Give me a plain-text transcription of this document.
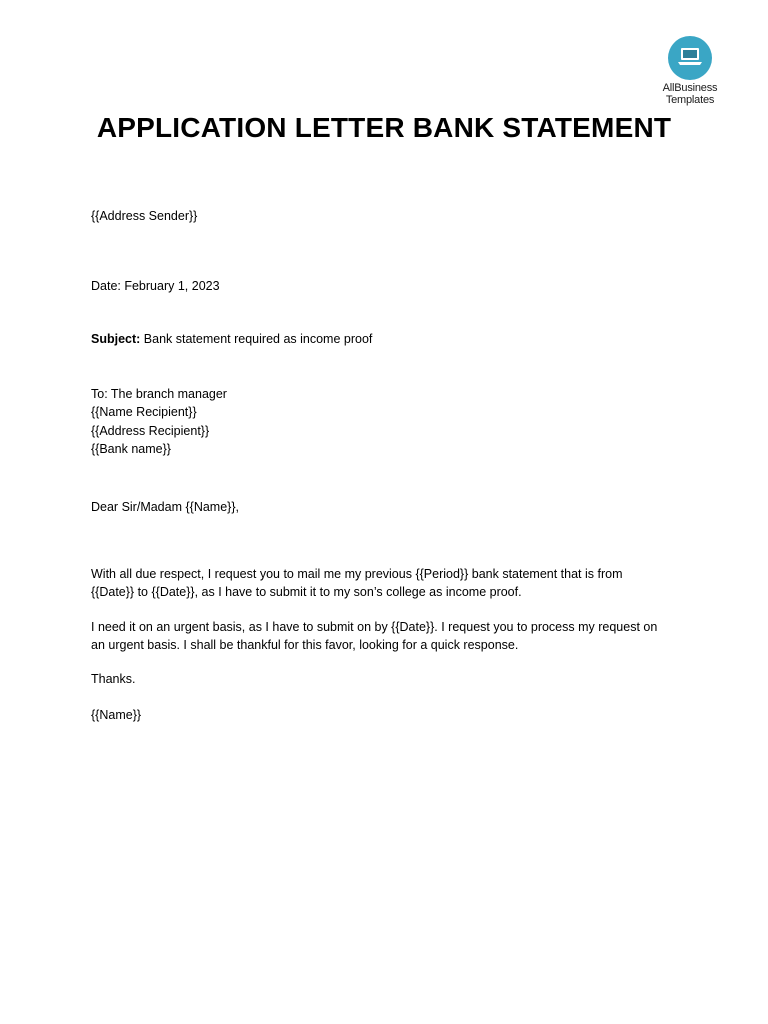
AllBusiness
Templates
APPLICATION LETTER BANK STATEMENT
{{Address Sender}}
Date: February 1, 2023
Subject: Bank statement required as income proof
To: The branch manager
{{Name Recipient}}
{{Address Recipient}}
{{Bank name}}
Dear Sir/Madam {{Name}},
With all due respect, I request you to mail me my previous {{Period}} bank statement that is from
{{Date}} to {{Date}}, as I have to submit it to my son’s college as income proof.
I need it on an urgent basis, as I have to submit on by {{Date}}. I request you to process my request on
an urgent basis. I shall be thankful for this favor, looking for a quick response.
Thanks.
{{Name}}
